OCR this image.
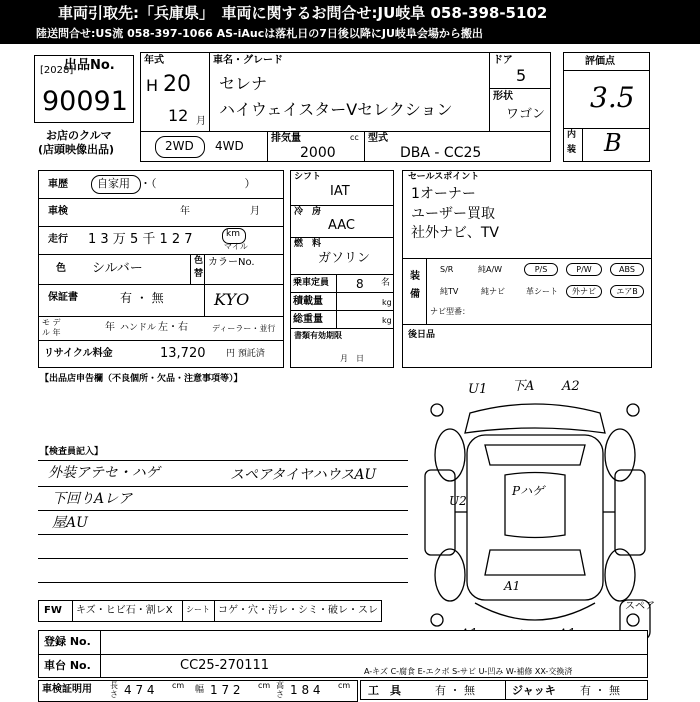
車両引取先:「兵庫県」　車両に関するお問合せ:JU岐阜 058-398-5102
陸送問合せ:US流 058-397-1066 AS-iAucは落札日の7日後以降にJU岐阜会場から搬出
出品No.
[2028]
90091
お店のクルマ
(店頭映像出品)
年式
H 20
12 月
車名・グレード
セレナ
ハイウェイスターVセレクション
ドア
5
形状
ワゴン
2WD 4WD
排気量	cc
2000
型式
DBA - CC25
評価点
3.5
内
装 B
車歴	自家用 ・（　　　　　　　　）
車検	年	月
走行 1 3 万 5 千 1 2 7	km
マイル
色 シルバー	色
替
カラーNo.
KYO
保証書	有 ・ 無
モ デ
ル 年	年 ハンドル 左・右	ディーラー・並行
リサイクル料金	13,720 円 預託済
シフト
IAT
冷　房
AAC
燃　料
ガソリン
乗車定員 8 名
積載量	kg
総重量	kg
書類有効期限
月　日
セールスポイント
1オーナー
ユーザー買取
社外ナビ、TV
装
備
S/R	純A/W	P/S	P/W	ABS
純TV	純ナビ	革シート	外ナビ	エアB
ナビ型番：
後日品
【出品店申告欄（不良個所・欠品・注意事項等）】
【検査員記入】
外装アテセ・ハゲ	スペアタイヤハウスAU
下回りAレア
屋AU
U1 下A A2
Pハゲ
U2
A1
スペア
FW キズ・ヒビ石・割レX シート コゲ・穴・汚レ・シミ・破レ・スレ
登録 No.
車台 No.	CC25-270111	A-キズ C-腐食 E-エクボ S-サビ U-凹み W-補修 XX-交換済
車検証明用 長
さ 4 7 4 cm 幅 1 7 2 cm 高
さ 1 8 4 cm 工　具	有 ・ 無	ジャッキ 有 ・ 無
